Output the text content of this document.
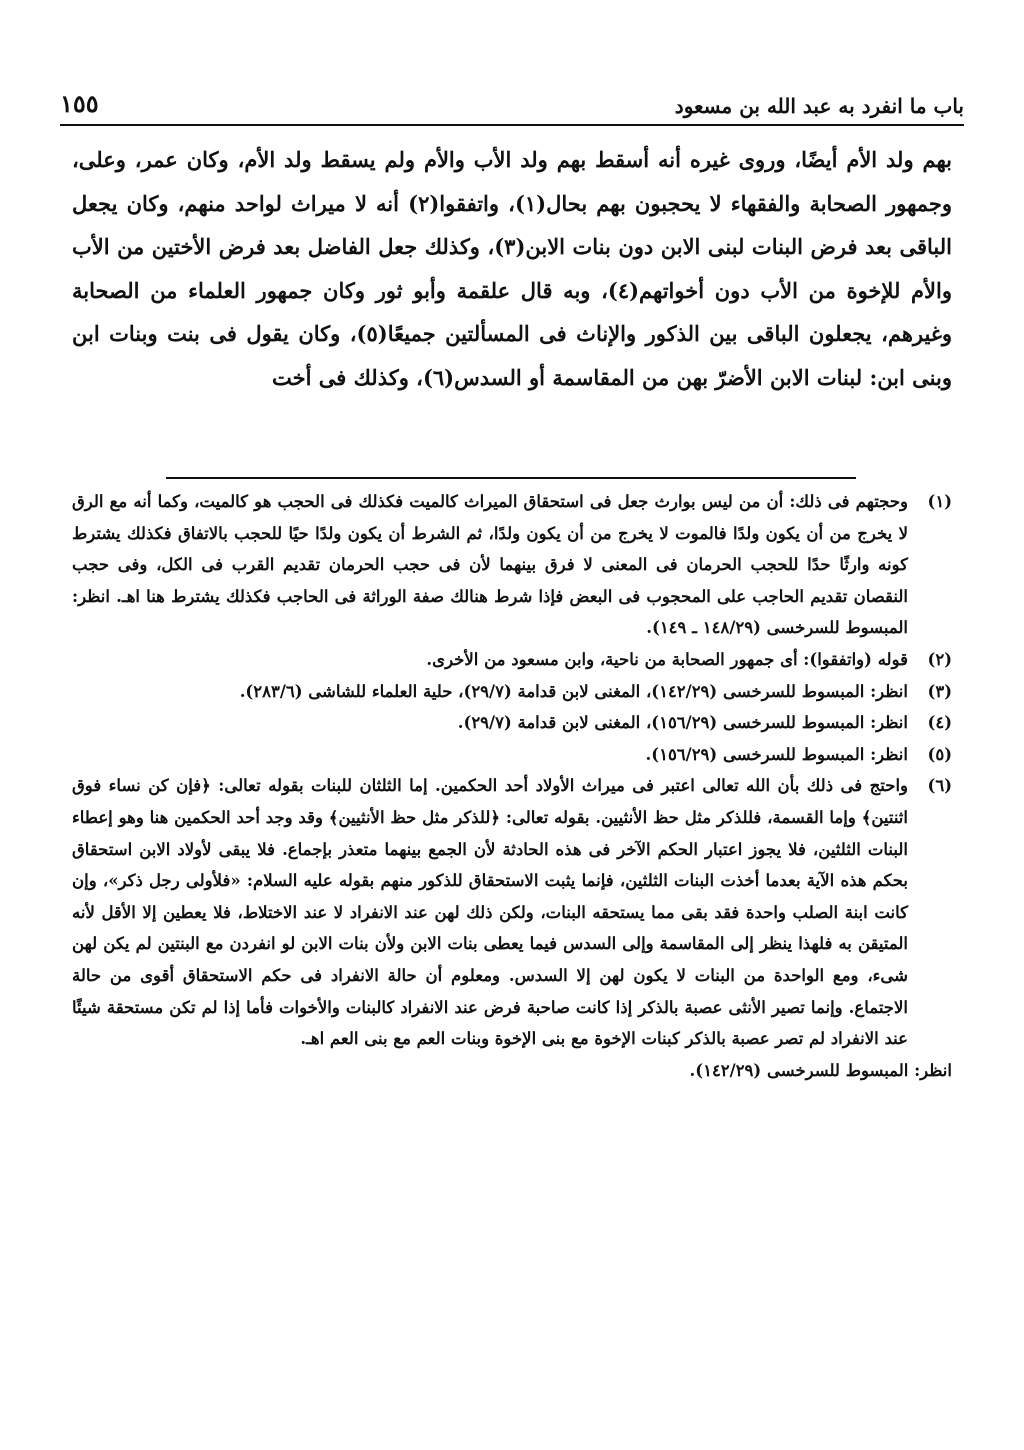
باب ما انفرد به عبد الله بن مسعود
١٥٥

بهم ولد الأم أيضًا، وروى غيره أنه أسقط بهم ولد الأب والأم ولم يسقط ولد الأم، وكان عمر، وعلى، وجمهور الصحابة والفقهاء لا يحجبون بهم بحال(١)، واتفقوا(٢) أنه لا ميراث لواحد منهم، وكان يجعل الباقى بعد فرض البنات لبنى الابن دون بنات الابن(٣)، وكذلك جعل الفاضل بعد فرض الأختين من الأب والأم للإخوة من الأب دون أخواتهم(٤)، وبه قال علقمة وأبو ثور وكان جمهور العلماء من الصحابة وغيرهم، يجعلون الباقى بين الذكور والإناث فى المسألتين جميعًا(٥)، وكان يقول فى بنت وبنات ابن وبنى ابن: لبنات الابن الأضرّ بهن من المقاسمة أو السدس(٦)، وكذلك فى أخت

(١)
وحجتهم فى ذلك: أن من ليس بوارث جعل فى استحقاق الميراث كالميت فكذلك فى الحجب هو كالميت، وكما أنه مع الرق لا يخرج من أن يكون ولدًا فالموت لا يخرج من أن يكون ولدًا، ثم الشرط أن يكون ولدًا حيًا للحجب بالاتفاق فكذلك يشترط كونه وارثًا حدًا للحجب الحرمان فى المعنى لا فرق بينهما لأن فى حجب الحرمان تقديم القرب فى الكل، وفى حجب النقصان تقديم الحاجب على المحجوب فى البعض فإذا شرط هنالك صفة الوراثة فى الحاجب فكذلك يشترط هنا اهـ. انظر: المبسوط للسرخسى (١٤٨/٢٩ ـ ١٤٩).
(٢)
قوله (واتفقوا): أى جمهور الصحابة من ناحية، وابن مسعود من الأخرى.
(٣)
انظر: المبسوط للسرخسى (١٤٢/٢٩)، المغنى لابن قدامة (٢٩/٧)، حلية العلماء للشاشى (٢٨٣/٦).
(٤)
انظر: المبسوط للسرخسى (١٥٦/٢٩)، المغنى لابن قدامة (٢٩/٧).
(٥)
انظر: المبسوط للسرخسى (١٥٦/٢٩).
(٦)
واحتج فى ذلك بأن الله تعالى اعتبر فى ميراث الأولاد أحد الحكمين. إما الثلثان للبنات بقوله تعالى: ﴿فإن كن نساء فوق اثنتين﴾ وإما القسمة، فللذكر مثل حظ الأنثيين. بقوله تعالى: ﴿للذكر مثل حظ الأنثيين﴾ وقد وجد أحد الحكمين هنا وهو إعطاء البنات الثلثين، فلا يجوز اعتبار الحكم الآخر فى هذه الحادثة لأن الجمع بينهما متعذر بإجماع. فلا يبقى لأولاد الابن استحقاق بحكم هذه الآية بعدما أخذت البنات الثلثين، فإنما يثبت الاستحقاق للذكور منهم بقوله عليه السلام: «فلأولى رجل ذكر»، وإن كانت ابنة الصلب واحدة فقد بقى مما يستحقه البنات، ولكن ذلك لهن عند الانفراد لا عند الاختلاط، فلا يعطين إلا الأقل لأنه المتيقن به فلهذا ينظر إلى المقاسمة وإلى السدس فيما يعطى بنات الابن ولأن بنات الابن لو انفردن مع البنتين لم يكن لهن شىء، ومع الواحدة من البنات لا يكون لهن إلا السدس. ومعلوم أن حالة الانفراد فى حكم الاستحقاق أقوى من حالة الاجتماع. وإنما تصير الأنثى عصبة بالذكر إذا كانت صاحبة فرض عند الانفراد كالبنات والأخوات فأما إذا لم تكن مستحقة شيئًا عند الانفراد لم تصر عصبة بالذكر كبنات الإخوة مع بنى الإخوة وبنات العم مع بنى العم اهـ.
انظر: المبسوط للسرخسى (١٤٢/٢٩).
